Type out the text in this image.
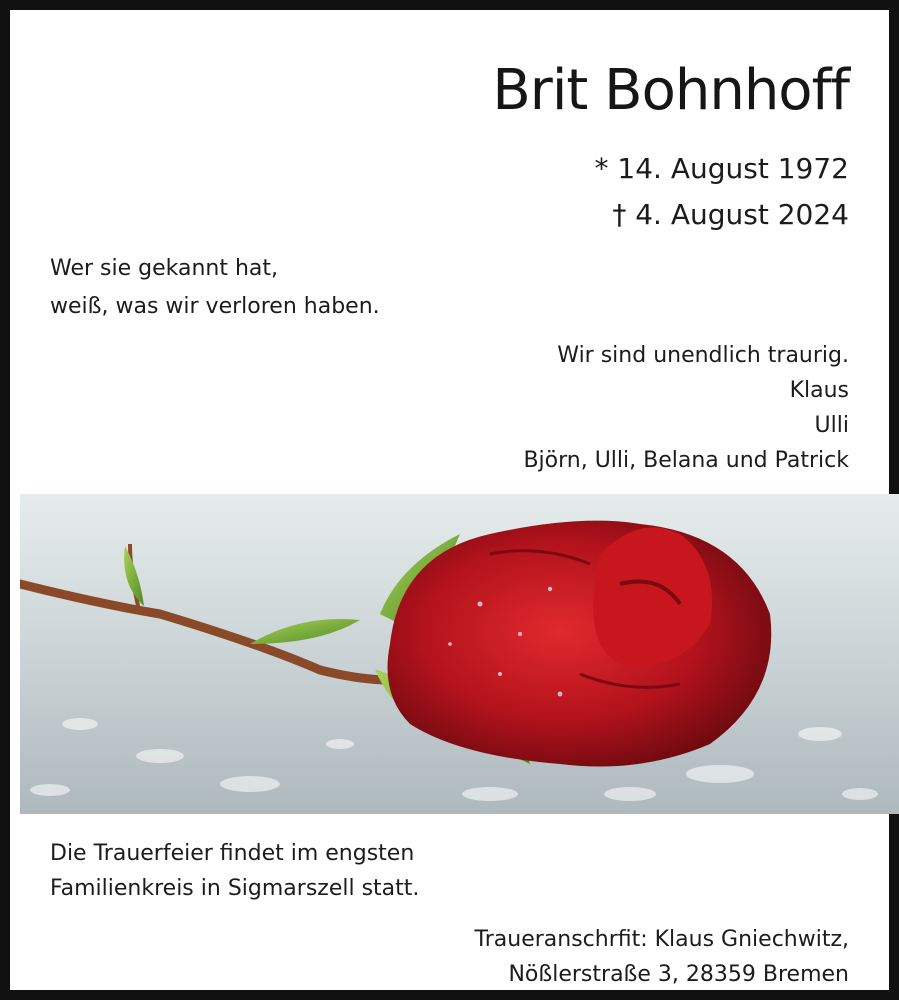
Brit Bohnhoff
* 14. August 1972
† 4. August 2024
Wer sie gekannt hat,
weiß, was wir verloren haben.
Wir sind unendlich traurig.
Klaus
Ulli
Björn, Ulli, Belana und Patrick
Die Trauerfeier findet im engsten
Familienkreis in Sigmarszell statt.
Traueranschrfit: Klaus Gniechwitz,
Nößlerstraße 3, 28359 Bremen
